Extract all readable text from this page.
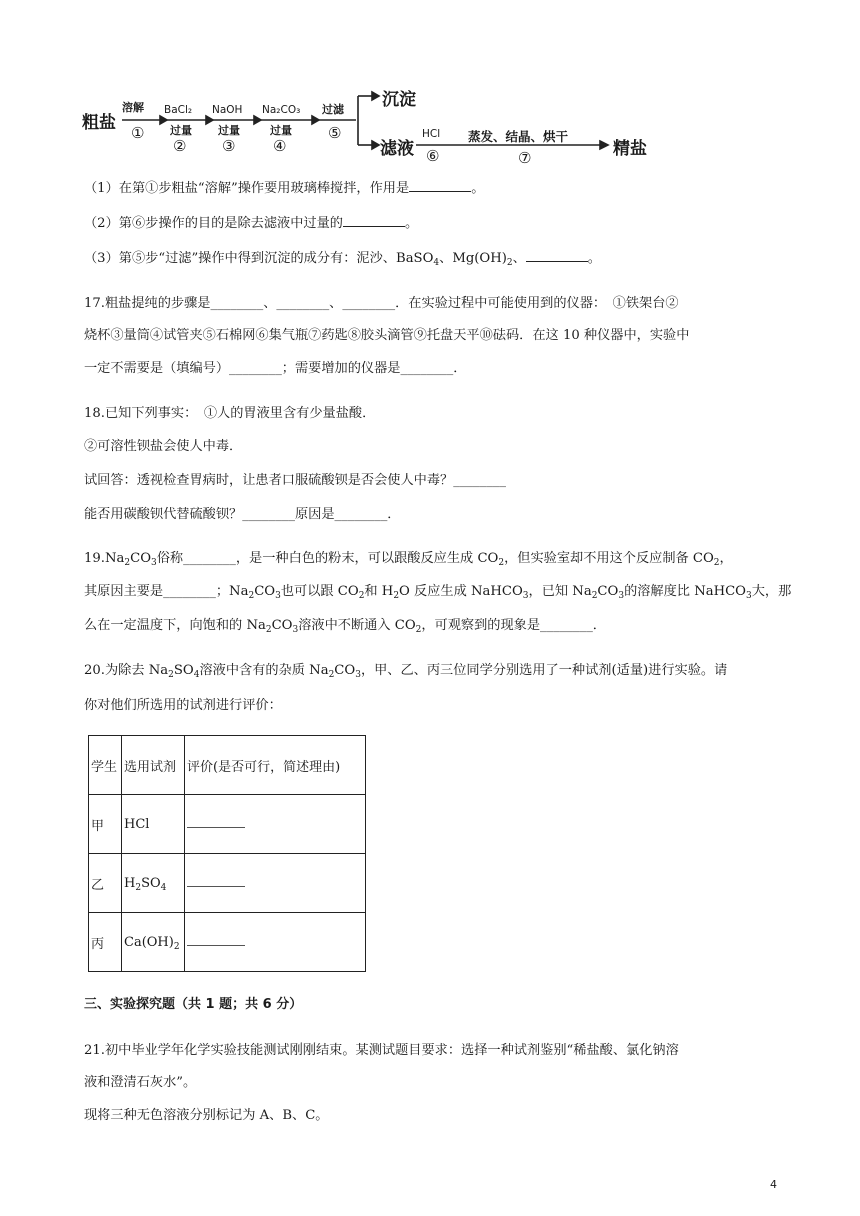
粗盐
溶解
①
BaCl₂
过量
②
NaOH
过量
③
Na₂CO₃
过量
④
过滤
⑤
沉淀
滤液
HCl
⑥
蒸发、结晶、烘干
⑦	精盐
（1）在第①步粗盐“溶解”操作要用玻璃棒搅拌，作用是	。
（2）第⑥步操作的目的是除去滤液中过量的	。
（3）第⑤步“过滤”操作中得到沉淀的成分有：泥沙、BaSO$_4$、$Mg(OH)_2$、	。
17.粗盐提纯的步骤是________、________、________．在实验过程中可能使用到的仪器：　①铁架台②
烧杯③量筒④试管夹⑤石棉网⑥集气瓶⑦药匙⑧胶头滴管⑨托盘天平⑩砝码．在这 10 种仪器中，实验中
一定不需要是（填编号）________；需要增加的仪器是________．
18.已知下列事实：　①人的胃液里含有少量盐酸．
②可溶性钡盐会使人中毒．
试回答：透视检查胃病时，让患者口服硫酸钡是否会使人中毒？________
能否用碳酸钡代替硫酸钡？________原因是________．
$19.Na_2CO_3$俗称________，是一种白色的粉末，可以跟酸反应生成 $CO_2$，但实验室却不用这个反应制备 $CO_2$，
其原因主要是________；$Na_2CO_3$也可以跟 $CO_2$和 $H_2O$ 反应生成 NaHCO$_3$，已知 $Na_2CO_3$的溶解度比 NaHCO$_3$大，那
么在一定温度下，向饱和的 $Na_2CO_3$溶液中不断通入 $CO_2$，可观察到的现象是________．
20.为除去 $Na_2SO_4$溶液中含有的杂质 $Na_2CO_3$，甲、乙、丙三位同学分别选用了一种试剂(适量)进行实验。请
你对他们所选用的试剂进行评价：
学生	选用试剂	评价(是否可行，简述理由)
甲	HCl	
乙	$H_2SO_4$	
丙	$Ca(OH)_2$	
三、实验探究题（共 1 题；共 6 分）
21.初中毕业学年化学实验技能测试刚刚结束。某测试题目要求：选择一种试剂鉴别“稀盐酸、氯化钠溶
液和澄清石灰水”。
现将三种无色溶液分别标记为 A、B、C。
4
